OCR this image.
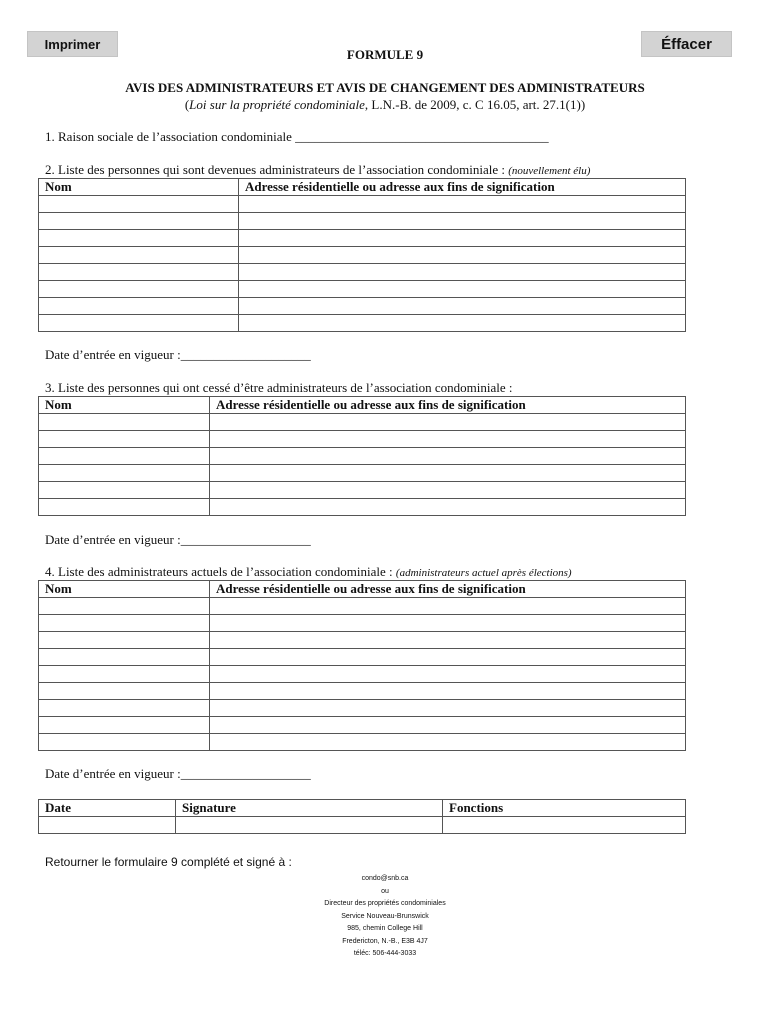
Imprimer	Éffacer
FORMULE 9
AVIS DES ADMINISTRATEURS ET AVIS DE CHANGEMENT DES ADMINISTRATEURS
(Loi sur la propriété condominiale, L.N.-B. de 2009, c. C 16.05, art. 27.1(1))
1. Raison sociale de l’association condominiale _______________________________________
2. Liste des personnes qui sont devenues administrateurs de l’association condominiale : (nouvellement élu)
Nom	Adresse résidentielle ou adresse aux fins de signification

Date d’entrée en vigueur :____________________
3. Liste des personnes qui ont cessé d’être administrateurs de l’association condominiale :
Nom	Adresse résidentielle ou adresse aux fins de signification

Date d’entrée en vigueur :____________________
4. Liste des administrateurs actuels de l’association condominiale : (administrateurs actuel après élections)
Nom	Adresse résidentielle ou adresse aux fins de signification

Date d’entrée en vigueur :____________________
Date	Signature	Fonctions

Retourner le formulaire 9 complété et signé à :
condo@snb.ca
ou
Directeur des propriétés condominiales
Service Nouveau-Brunswick
985, chemin College Hill
Fredericton, N.-B., E3B 4J7
téléc: 506-444-3033
